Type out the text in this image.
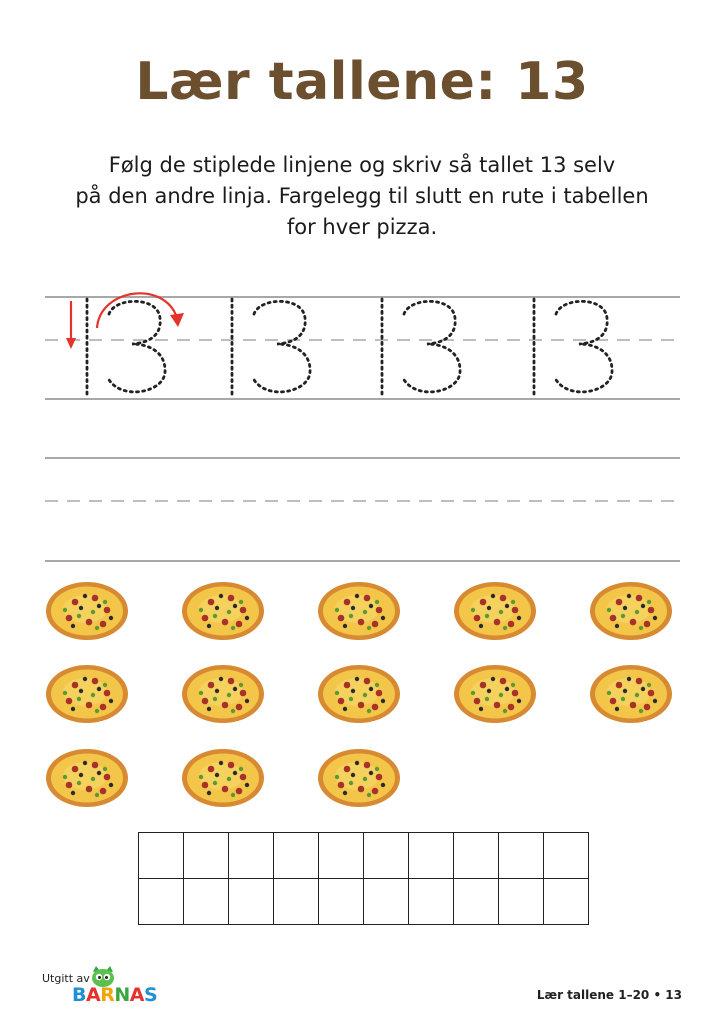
Lær tallene: 13

Følg de stiplede linjene og skriv så tallet 13 selv
på den andre linja. Fargelegg til slutt en rute i tabellen
for hver pizza.

Utgitt av
BARNAS	Lær tallene 1–20 • 13
